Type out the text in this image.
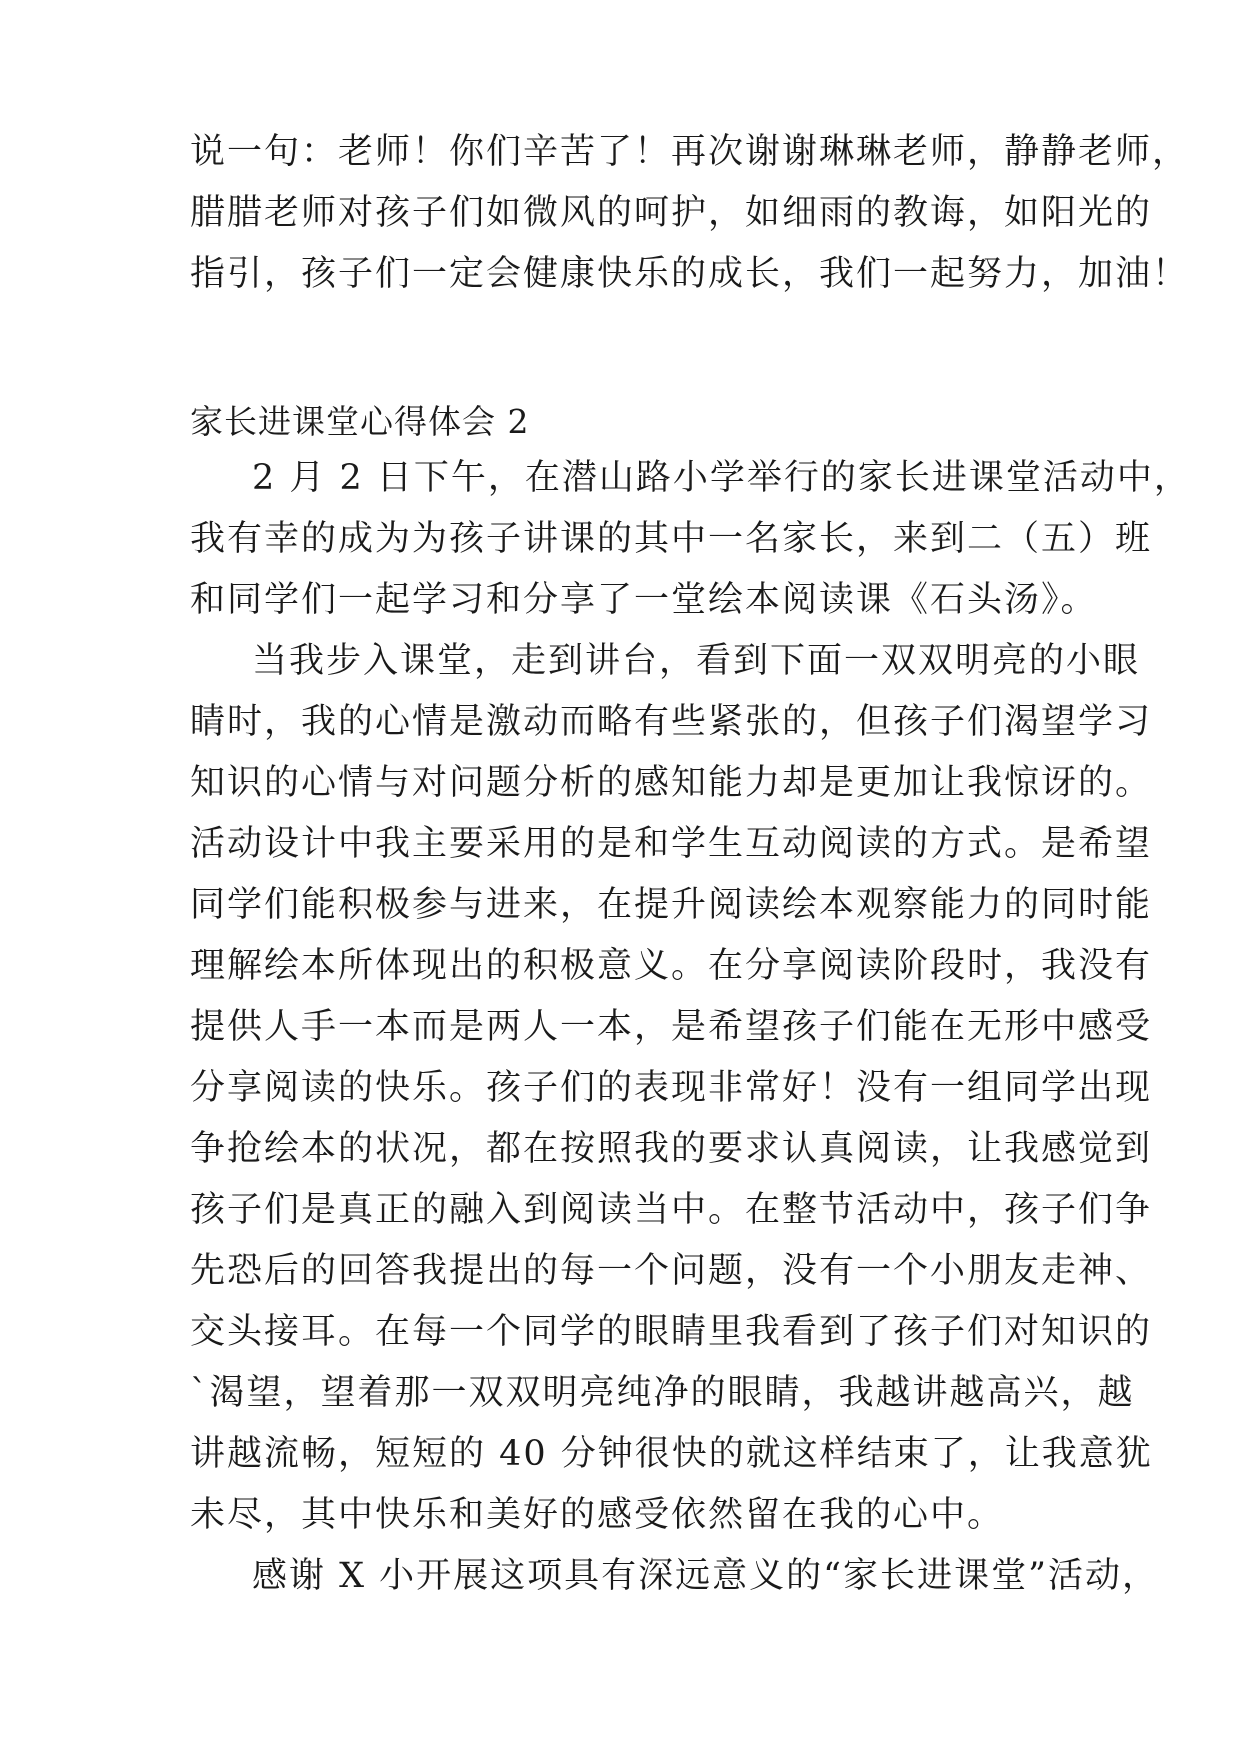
说一句：老师！你们辛苦了！再次谢谢琳琳老师，静静老师，
腊腊老师对孩子们如微风的呵护，如细雨的教诲，如阳光的
指引，孩子们一定会健康快乐的成长，我们一起努力，加油！
家长进课堂心得体会 2
2 月 2 日下午，在潜山路小学举行的家长进课堂活动中，
我有幸的成为为孩子讲课的其中一名家长，来到二（五）班
和同学们一起学习和分享了一堂绘本阅读课《石头汤》。
当我步入课堂，走到讲台，看到下面一双双明亮的小眼
睛时，我的心情是激动而略有些紧张的，但孩子们渴望学习
知识的心情与对问题分析的感知能力却是更加让我惊讶的。
活动设计中我主要采用的是和学生互动阅读的方式。是希望
同学们能积极参与进来，在提升阅读绘本观察能力的同时能
理解绘本所体现出的积极意义。在分享阅读阶段时，我没有
提供人手一本而是两人一本，是希望孩子们能在无形中感受
分享阅读的快乐。孩子们的表现非常好！没有一组同学出现
争抢绘本的状况，都在按照我的要求认真阅读，让我感觉到
孩子们是真正的融入到阅读当中。在整节活动中，孩子们争
先恐后的回答我提出的每一个问题，没有一个小朋友走神、
交头接耳。在每一个同学的眼睛里我看到了孩子们对知识的
`渴望，望着那一双双明亮纯净的眼睛，我越讲越高兴，越
讲越流畅，短短的 40 分钟很快的就这样结束了，让我意犹
未尽，其中快乐和美好的感受依然留在我的心中。
感谢 X 小开展这项具有深远意义的“家长进课堂”活动，
